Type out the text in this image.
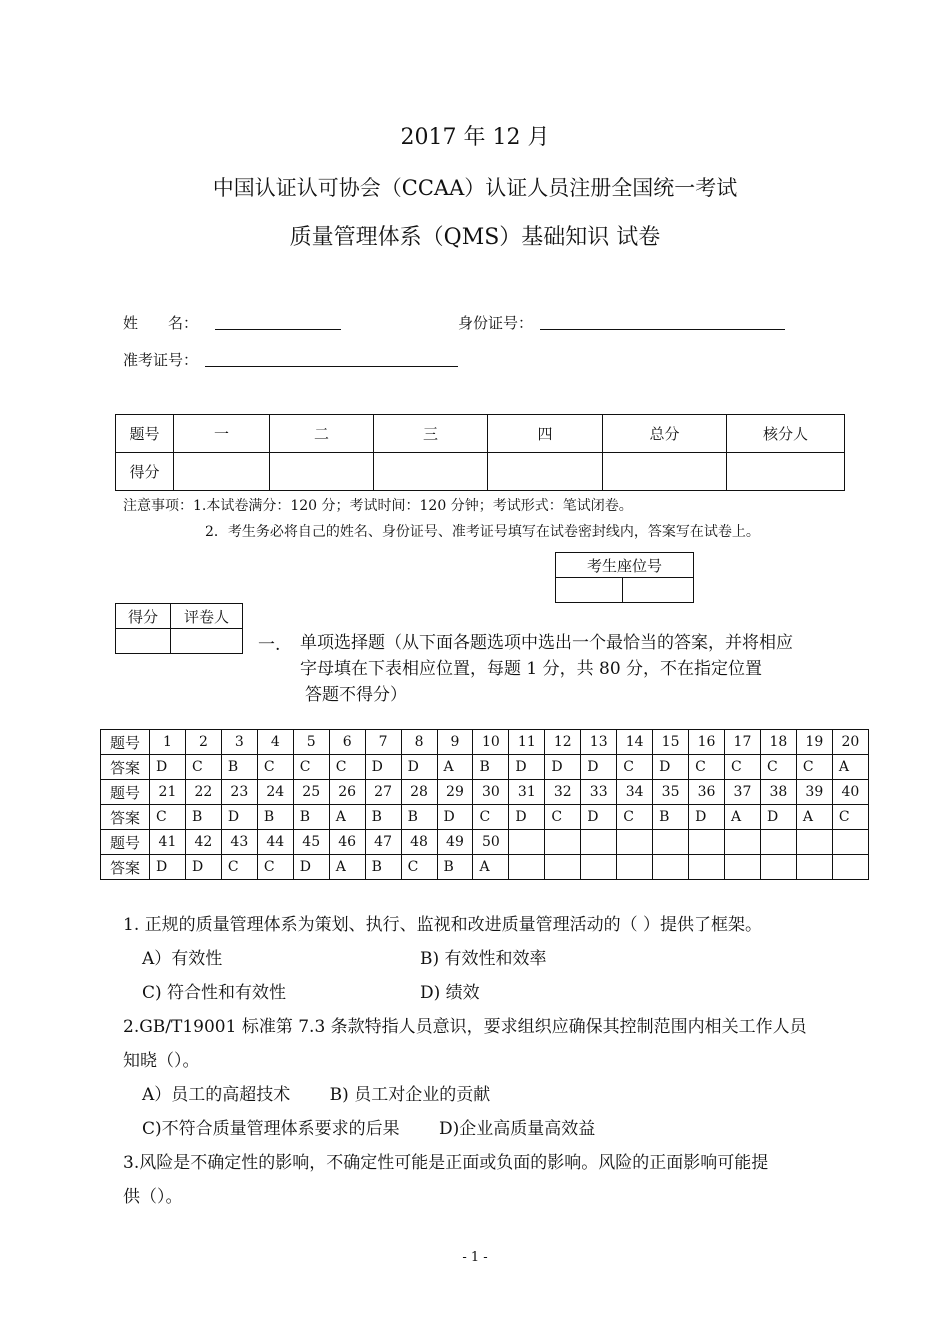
2017 年 12 月
中国认证认可协会（CCAA）认证人员注册全国统一考试
质量管理体系（QMS）基础知识 试卷
姓　　名：	身份证号：
准考证号：
题号	一	二	三	四	总分	核分人
得分						
注意事项：1.本试卷满分：120 分；考试时间：120 分钟；考试形式：笔试闭卷。
2．考生务必将自己的姓名、身份证号、准考证号填写在试卷密封线内，答案写在试卷上。
考生座位号

得分	评卷人

一. 单项选择题（从下面各题选项中选出一个最恰当的答案，并将相应
字母填在下表相应位置，每题 1 分，共 80 分，不在指定位置
答题不得分）
题号	1	2	3	4	5	6	7	8	9	10	11	12	13	14	15	16	17	18	19	20
答案	D	C	B	C	C	C	D	D	A	B	D	D	D	C	D	C	C	C	C	A
题号	21	22	23	24	25	26	27	28	29	30	31	32	33	34	35	36	37	38	39	40
答案	C	B	D	B	B	A	B	B	D	C	D	C	D	C	B	D	A	D	A	C
题号	41	42	43	44	45	46	47	48	49	50										
答案	D	D	C	C	D	A	B	C	B	A										
1. 正规的质量管理体系为策划、执行、监视和改进质量管理活动的（ ）提供了框架。
A）有效性	B) 有效性和效率
C) 符合性和有效性	D) 绩效
2.GB/T19001 标准第 7.3 条款特指人员意识，要求组织应确保其控制范围内相关工作人员
知晓（）。
A）员工的高超技术　　 B) 员工对企业的贡献
C)不符合质量管理体系要求的后果　　 D)企业高质量高效益
3.风险是不确定性的影响，不确定性可能是正面或负面的影响。风险的正面影响可能提
供（）。
- 1 -
